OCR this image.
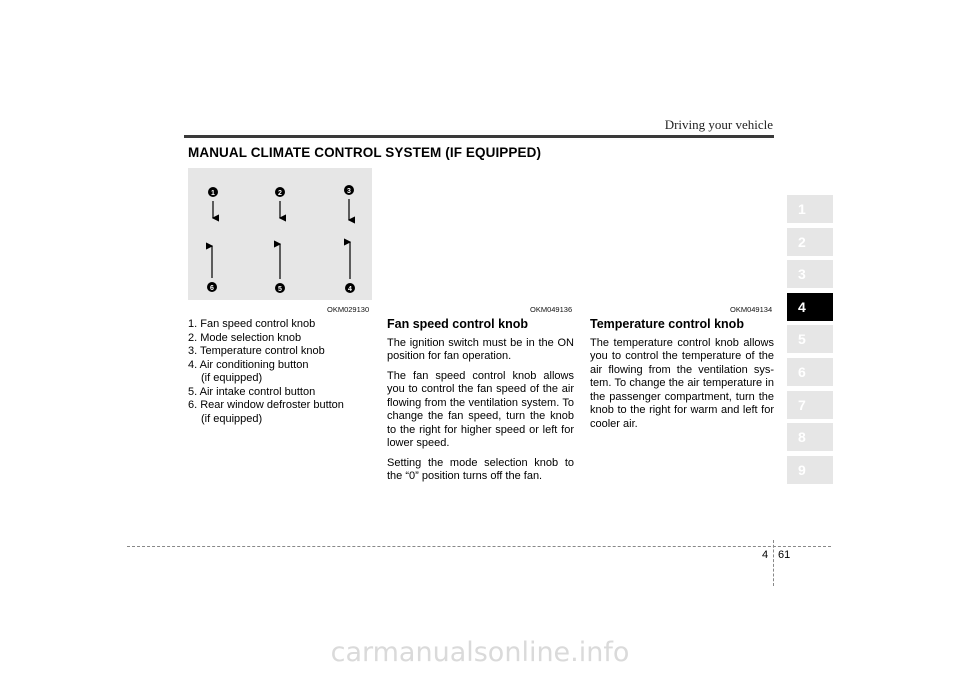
Driving your vehicle
MANUAL CLIMATE CONTROL SYSTEM (IF EQUIPPED)
1	2	3
6	5	4
OKM029130	OKM049136	OKM049134
1. Fan speed control knob
2. Mode selection knob
3. Temperature control knob
4. Air conditioning button
(if equipped)
5. Air intake control button
6. Rear window defroster button
(if equipped)
Fan speed control knob

The ignition switch must be in the ON position for fan operation.

The fan speed control knob allows you to control the fan speed of the air flowing from the ventilation system. To change the fan speed, turn the knob to the right for higher speed or left for lower speed.

Setting the mode selection knob to the “0” position turns off the fan.

Temperature control knob

The temperature control knob allows you to control the temperature of the air flowing from the ventilation sys-tem. To change the air temperature in the passenger compartment, turn the knob to the right for warm and left for cooler air.

1
2
3
4
5
6
7
8
9
4 61
carmanualsonline.info
